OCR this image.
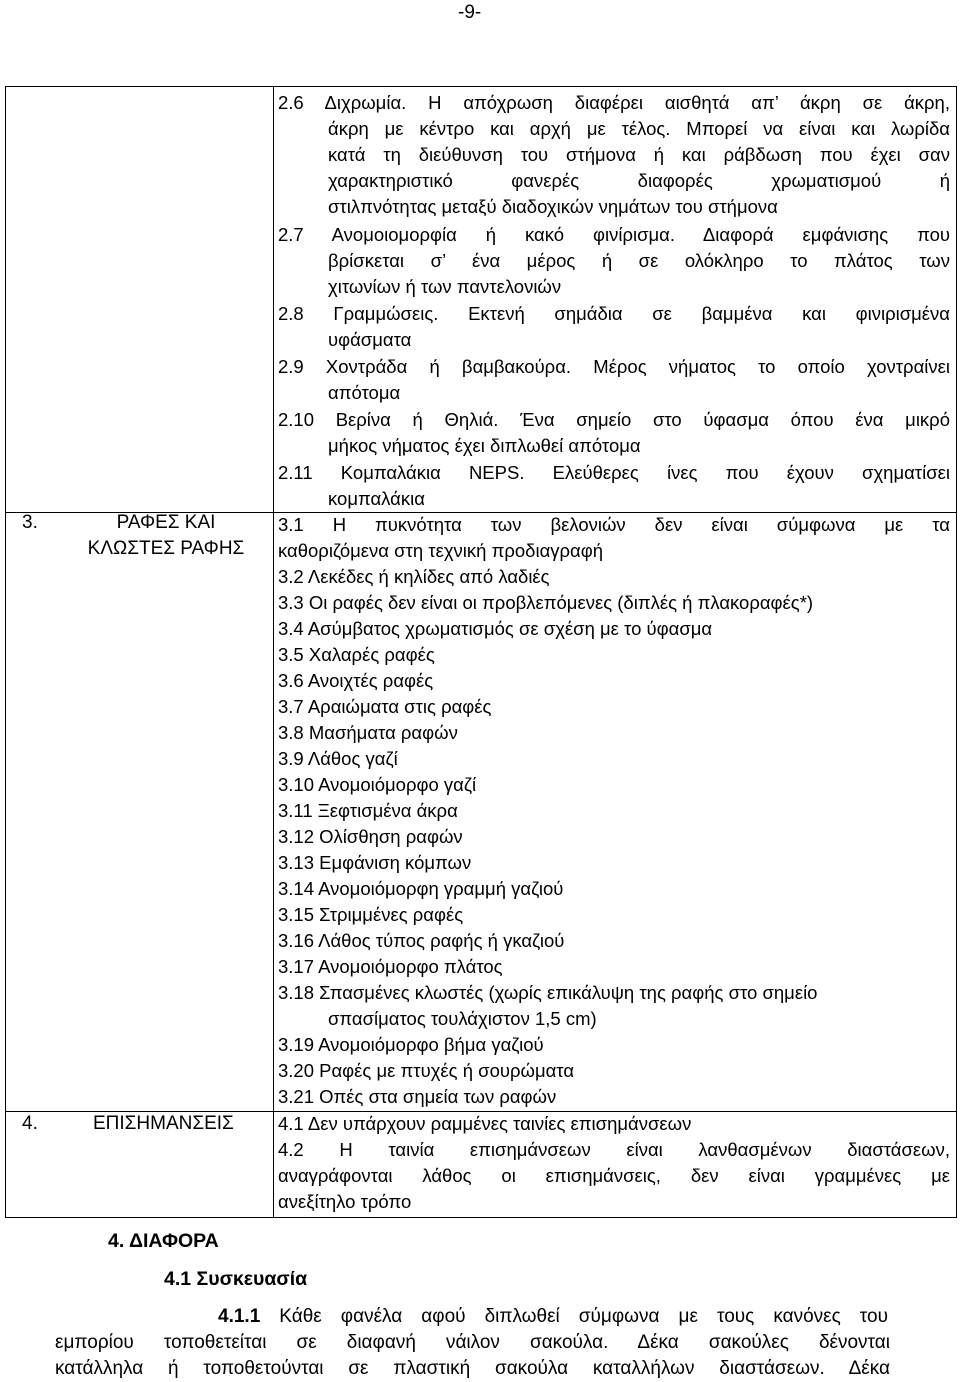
-9-
3.	ΡΑΦΕΣ ΚΑΙ
ΚΛΩΣΤΕΣ ΡΑΦΗΣ
4.	ΕΠΙΣΗΜΑΝΣΕΙΣ
2.6 Διχρωμία. Η απόχρωση διαφέρει αισθητά απ’ άκρη σε άκρη,
άκρη με κέντρο και αρχή με τέλος. Μπορεί να είναι και λωρίδα
κατά τη διεύθυνση του στήμονα ή και ράβδωση που έχει σαν
χαρακτηριστικό φανερές διαφορές χρωματισμού ή
στιλπνότητας μεταξύ διαδοχικών νημάτων του στήμονα
2.7 Ανομοιομορφία ή κακό φινίρισμα. Διαφορά εμφάνισης που
βρίσκεται σ’ ένα μέρος ή σε ολόκληρο το πλάτος των
χιτωνίων ή των παντελονιών
2.8 Γραμμώσεις. Εκτενή σημάδια σε βαμμένα και φινιρισμένα
υφάσματα
2.9 Χοντράδα ή βαμβακούρα. Μέρος νήματος το οποίο χοντραίνει
απότομα
2.10 Βερίνα ή Θηλιά. Ένα σημείο στο ύφασμα όπου ένα μικρό
μήκος νήματος έχει διπλωθεί απότομα
2.11 Κομπαλάκια NEPS. Ελεύθερες ίνες που έχουν σχηματίσει
κομπαλάκια
3.1 Η πυκνότητα των βελονιών δεν είναι σύμφωνα με τα
καθοριζόμενα στη τεχνική προδιαγραφή
3.2 Λεκέδες ή κηλίδες από λαδιές
3.3 Οι ραφές δεν είναι οι προβλεπόμενες (διπλές ή πλακοραφές*)
3.4 Ασύμβατος χρωματισμός σε σχέση με το ύφασμα
3.5 Χαλαρές ραφές
3.6 Ανοιχτές ραφές
3.7 Αραιώματα στις ραφές
3.8 Μασήματα ραφών
3.9 Λάθος γαζί
3.10 Ανομοιόμορφο γαζί
3.11 Ξεφτισμένα άκρα
3.12 Ολίσθηση ραφών
3.13 Εμφάνιση κόμπων
3.14 Ανομοιόμορφη γραμμή γαζιού
3.15 Στριμμένες ραφές
3.16 Λάθος τύπος ραφής ή γκαζιού
3.17 Ανομοιόμορφο πλάτος
3.18 Σπασμένες κλωστές (χωρίς επικάλυψη της ραφής στο σημείο
σπασίματος τουλάχιστον 1,5 cm)
3.19 Ανομοιόμορφο βήμα γαζιού
3.20 Ραφές με πτυχές ή σουρώματα
3.21 Οπές στα σημεία των ραφών
4.1 Δεν υπάρχουν ραμμένες ταινίες επισημάνσεων
4.2 Η ταινία επισημάνσεων είναι λανθασμένων διαστάσεων,
αναγράφονται λάθος οι επισημάνσεις, δεν είναι γραμμένες με
ανεξίτηλο τρόπο
4. ΔΙΑΦΟΡΑ
4.1 Συσκευασία
4.1.1 Κάθε φανέλα αφού διπλωθεί σύμφωνα με τους κανόνες του
εμπορίου τοποθετείται σε διαφανή νάιλον σακούλα. Δέκα σακούλες δένονται
κατάλληλα ή τοποθετούνται σε πλαστική σακούλα καταλλήλων διαστάσεων. Δέκα
